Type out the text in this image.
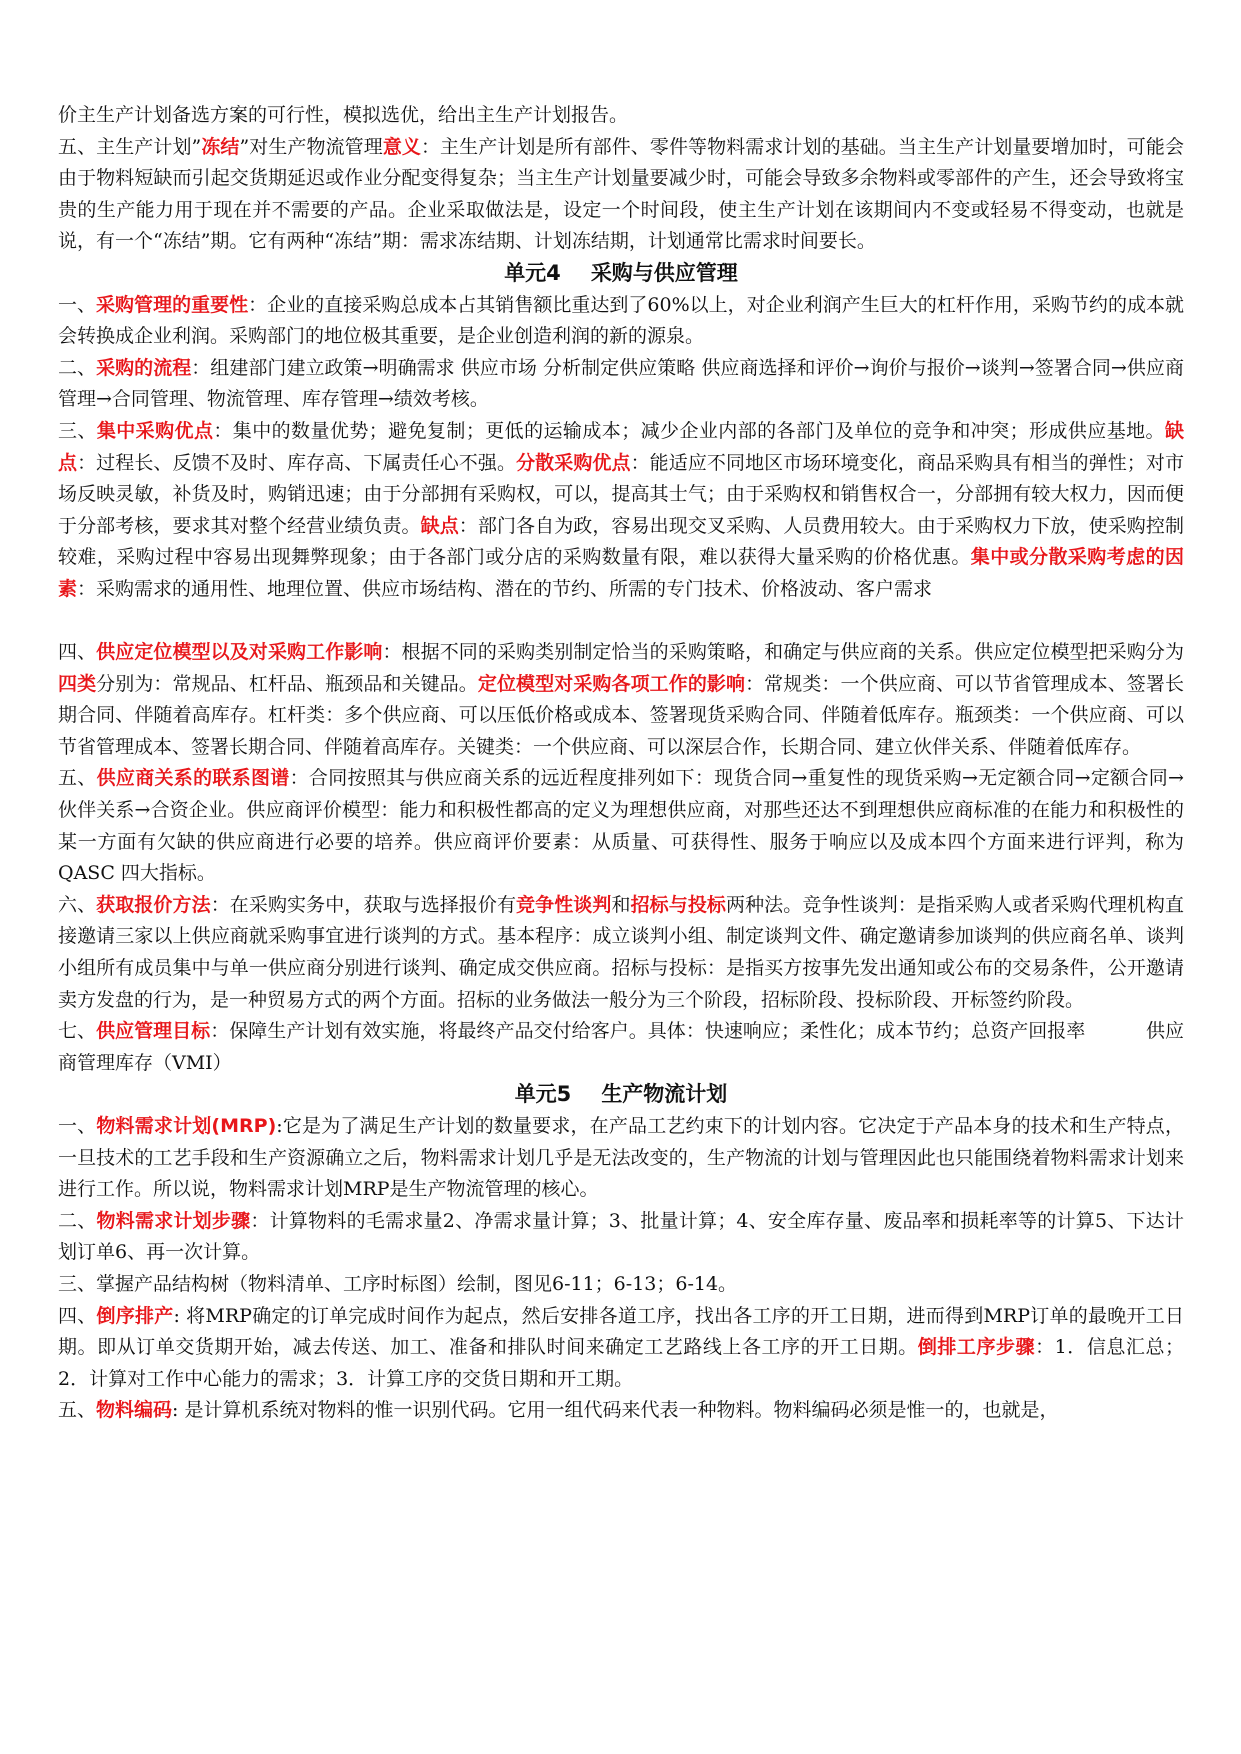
价主生产计划备选方案的可行性，模拟选优，给出主生产计划报告。

五、主生产计划”冻结”对生产物流管理意义：主生产计划是所有部件、零件等物料需求计划的基础。当主生产计划量要增加时，可能会由于物料短缺而引起交货期延迟或作业分配变得复杂；当主生产计划量要减少时，可能会导致多余物料或零部件的产生，还会导致将宝贵的生产能力用于现在并不需要的产品。企业采取做法是，设定一个时间段，使主生产计划在该期间内不变或轻易不得变动，也就是说，有一个“冻结”期。它有两种“冻结”期：需求冻结期、计划冻结期，计划通常比需求时间要长。

单元4 采购与供应管理

一、采购管理的重要性：企业的直接采购总成本占其销售额比重达到了60%以上，对企业利润产生巨大的杠杆作用，采购节约的成本就会转换成企业利润。采购部门的地位极其重要，是企业创造利润的新的源泉。

二、采购的流程：组建部门建立政策→明确需求 供应市场 分析制定供应策略 供应商选择和评价→询价与报价→谈判→签署合同→供应商管理→合同管理、物流管理、库存管理→绩效考核。

三、集中采购优点：集中的数量优势；避免复制；更低的运输成本；减少企业内部的各部门及单位的竞争和冲突；形成供应基地。缺点：过程长、反馈不及时、库存高、下属责任心不强。分散采购优点：能适应不同地区市场环境变化，商品采购具有相当的弹性；对市场反映灵敏，补货及时，购销迅速；由于分部拥有采购权，可以，提高其士气；由于采购权和销售权合一，分部拥有较大权力，因而便于分部考核，要求其对整个经营业绩负责。缺点：部门各自为政，容易出现交叉采购、人员费用较大。由于采购权力下放，使采购控制较难，采购过程中容易出现舞弊现象；由于各部门或分店的采购数量有限，难以获得大量采购的价格优惠。集中或分散采购考虑的因素：采购需求的通用性、地理位置、供应市场结构、潜在的节约、所需的专门技术、价格波动、客户需求

四、供应定位模型以及对采购工作影响：根据不同的采购类别制定恰当的采购策略，和确定与供应商的关系。供应定位模型把采购分为四类分别为：常规品、杠杆品、瓶颈品和关键品。定位模型对采购各项工作的影响：常规类：一个供应商、可以节省管理成本、签署长期合同、伴随着高库存。杠杆类：多个供应商、可以压低价格或成本、签署现货采购合同、伴随着低库存。瓶颈类：一个供应商、可以节省管理成本、签署长期合同、伴随着高库存。关键类：一个供应商、可以深层合作，长期合同、建立伙伴关系、伴随着低库存。

五、供应商关系的联系图谱：合同按照其与供应商关系的远近程度排列如下：现货合同→重复性的现货采购→无定额合同→定额合同→伙伴关系→合资企业。供应商评价模型：能力和积极性都高的定义为理想供应商，对那些还达不到理想供应商标准的在能力和积极性的某一方面有欠缺的供应商进行必要的培养。供应商评价要素：从质量、可获得性、服务于响应以及成本四个方面来进行评判，称为QASC 四大指标。

六、获取报价方法：在采购实务中，获取与选择报价有竞争性谈判和招标与投标两种法。竞争性谈判：是指采购人或者采购代理机构直接邀请三家以上供应商就采购事宜进行谈判的方式。基本程序：成立谈判小组、制定谈判文件、确定邀请参加谈判的供应商名单、谈判小组所有成员集中与单一供应商分别进行谈判、确定成交供应商。招标与投标：是指买方按事先发出通知或公布的交易条件，公开邀请卖方发盘的行为，是一种贸易方式的两个方面。招标的业务做法一般分为三个阶段，招标阶段、投标阶段、开标签约阶段。

七、供应管理目标：保障生产计划有效实施，将最终产品交付给客户。具体：快速响应；柔性化；成本节约；总资产回报率          供应商管理库存（VMI）

单元5 生产物流计划

一、物料需求计划(MRP):它是为了满足生产计划的数量要求，在产品工艺约束下的计划内容。它决定于产品本身的技术和生产特点，一旦技术的工艺手段和生产资源确立之后，物料需求计划几乎是无法改变的，生产物流的计划与管理因此也只能围绕着物料需求计划来进行工作。所以说，物料需求计划MRP是生产物流管理的核心。

二、物料需求计划步骤：计算物料的毛需求量2、净需求量计算；3、批量计算；4、安全库存量、废品率和损耗率等的计算5、下达计划订单6、再一次计算。

三、掌握产品结构树（物料清单、工序时标图）绘制，图见6-11；6-13；6-14。

四、倒序排产: 将MRP确定的订单完成时间作为起点，然后安排各道工序，找出各工序的开工日期，进而得到MRP订单的最晚开工日期。即从订单交货期开始，减去传送、加工、准备和排队时间来确定工艺路线上各工序的开工日期。倒排工序步骤：1．信息汇总；2．计算对工作中心能力的需求；3．计算工序的交货日期和开工期。

五、物料编码: 是计算机系统对物料的惟一识别代码。它用一组代码来代表一种物料。物料编码必须是惟一的，也就是，
